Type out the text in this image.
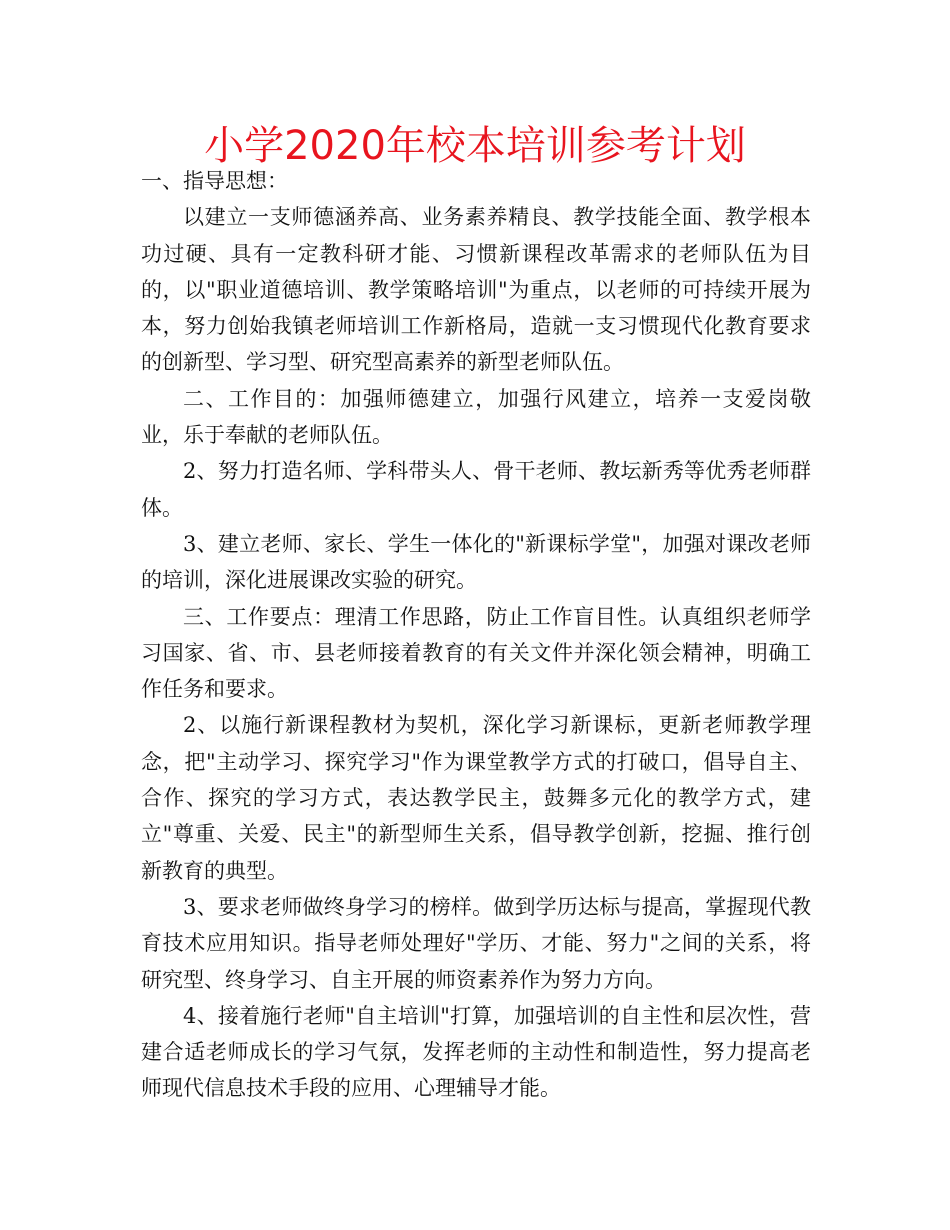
小学2020年校本培训参考计划

一、指导思想：

以建立一支师德涵养高、业务素养精良、教学技能全面、教学根本功过硬、具有一定教科研才能、习惯新课程改革需求的老师队伍为目的，以"职业道德培训、教学策略培训"为重点，以老师的可持续开展为本，努力创始我镇老师培训工作新格局，造就一支习惯现代化教育要求的创新型、学习型、研究型高素养的新型老师队伍。

二、工作目的：加强师德建立，加强行风建立，培养一支爱岗敬业，乐于奉献的老师队伍。

2、努力打造名师、学科带头人、骨干老师、教坛新秀等优秀老师群体。

3、建立老师、家长、学生一体化的"新课标学堂"，加强对课改老师的培训，深化进展课改实验的研究。

三、工作要点：理清工作思路，防止工作盲目性。认真组织老师学习国家、省、市、县老师接着教育的有关文件并深化领会精神，明确工作任务和要求。

2、以施行新课程教材为契机，深化学习新课标，更新老师教学理念，把"主动学习、探究学习"作为课堂教学方式的打破口，倡导自主、合作、探究的学习方式，表达教学民主，鼓舞多元化的教学方式，建立"尊重、关爱、民主"的新型师生关系，倡导教学创新，挖掘、推行创新教育的典型。

3、要求老师做终身学习的榜样。做到学历达标与提高，掌握现代教育技术应用知识。指导老师处理好"学历、才能、努力"之间的关系，将研究型、终身学习、自主开展的师资素养作为努力方向。

4、接着施行老师"自主培训"打算，加强培训的自主性和层次性，营建合适老师成长的学习气氛，发挥老师的主动性和制造性，努力提高老师现代信息技术手段的应用、心理辅导才能。
